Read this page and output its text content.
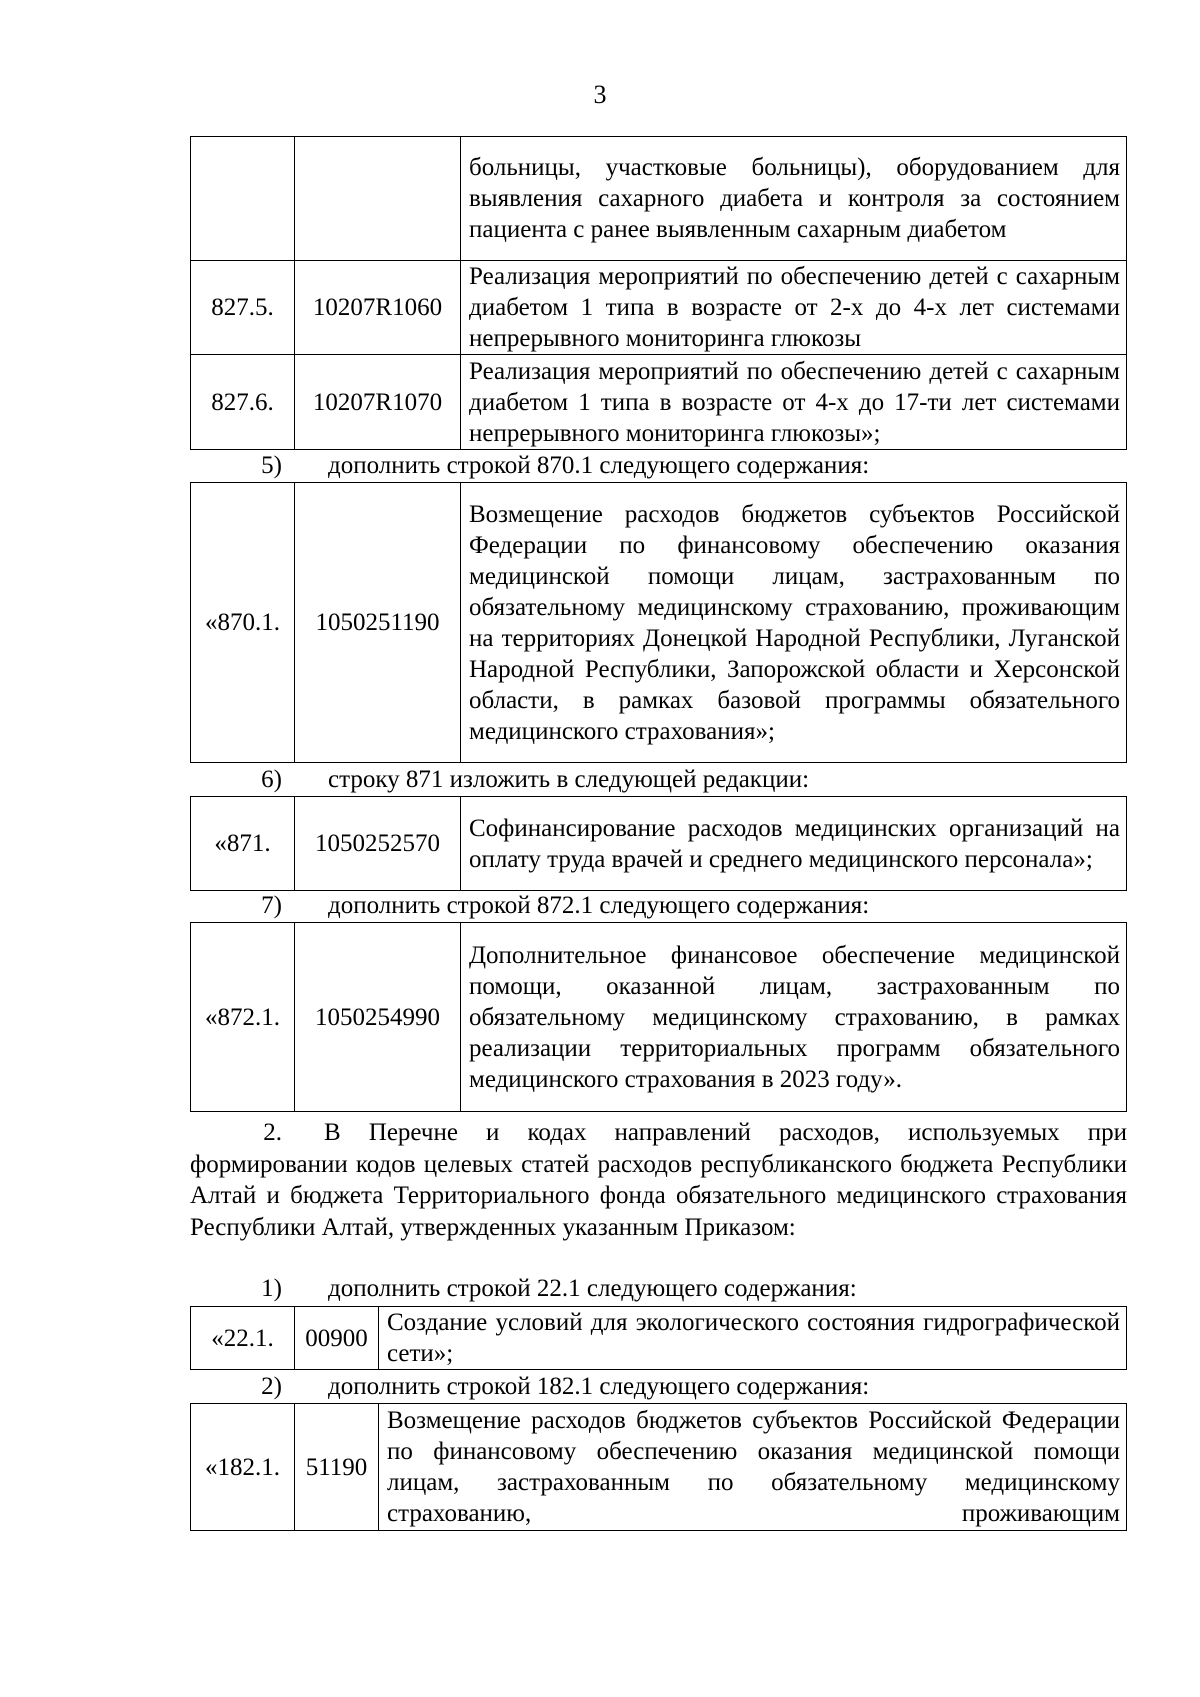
3
		больницы, участковые больницы), оборудованием для выявления сахарного диабета и контроля за состоянием пациента с ранее выявленным сахарным диабетом
827.5.	10207R1060	Реализация мероприятий по обеспечению детей с сахарным диабетом 1 типа в возрасте от 2-х до 4-х лет системами непрерывного мониторинга глюкозы
827.6.	10207R1070	Реализация мероприятий по обеспечению детей с сахарным диабетом 1 типа в возрасте от 4-х до 17-ти лет системами непрерывного мониторинга глюкозы»;
5) дополнить строкой 870.1 следующего содержания:
«870.1.	1050251190	Возмещение расходов бюджетов субъектов Российской Федерации по финансовому обеспечению оказания медицинской помощи лицам, застрахованным по обязательному медицинскому страхованию, проживающим на территориях Донецкой Народной Республики, Луганской Народной Республики, Запорожской области и Херсонской области, в рамках базовой программы обязательного медицинского страхования»;
6) строку 871 изложить в следующей редакции:
«871.	1050252570	Софинансирование расходов медицинских организаций на оплату труда врачей и среднего медицинского персонала»;
7) дополнить строкой 872.1 следующего содержания:
«872.1.	1050254990	Дополнительное финансовое обеспечение медицинской помощи, оказанной лицам, застрахованным по обязательному медицинскому страхованию, в рамках реализации территориальных программ обязательного медицинского страхования в 2023 году».
2. В Перечне и кодах направлений расходов, используемых при формировании кодов целевых статей расходов республиканского бюджета Республики Алтай и бюджета Территориального фонда обязательного медицинского страхования Республики Алтай, утвержденных указанным Приказом:
1) дополнить строкой 22.1 следующего содержания:
«22.1.	00900	Создание условий для экологического состояния гидрографической сети»;
2) дополнить строкой 182.1 следующего содержания:
«182.1.	51190	Возмещение расходов бюджетов субъектов Российской Федерации по финансовому обеспечению оказания медицинской помощи лицам, застрахованным по обязательному медицинскому страхованию, проживающим
